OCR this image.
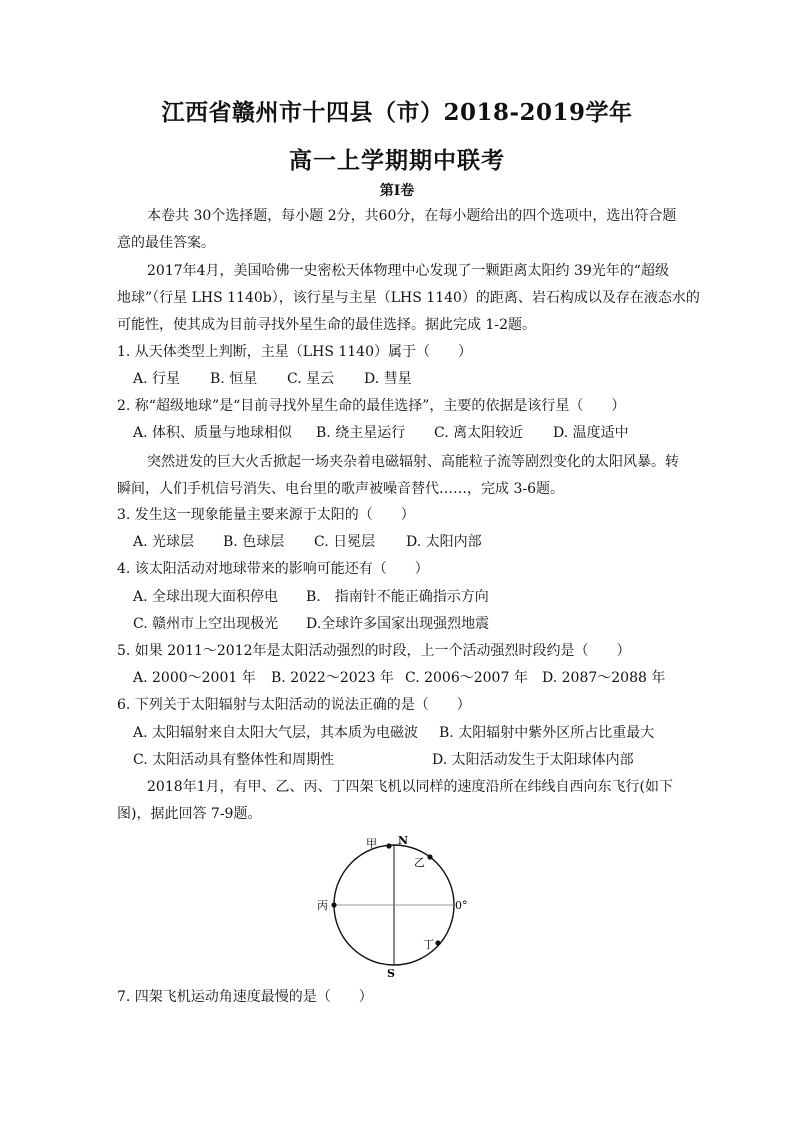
江西省赣州市十四县（市）2018-2019学年
高一上学期期中联考
第Ⅰ卷
本卷共 30个选择题，每小题 2分，共60分，在每小题给出的四个选项中，选出符合题
意的最佳答案。
2017年4月，美国哈佛一史密松天体物理中心发现了一颗距离太阳约 39光年的“超级
地球”（行星 LHS 1140b），该行星与主星（LHS 1140）的距离、岩石构成以及存在液态水的
可能性，使其成为目前寻找外星生命的最佳选择。据此完成 1-2题。
1. 从天体类型上判断，主星（LHS 1140）属于（　　）
A. 行星 B. 恒星 C. 星云 D. 彗星
2. 称“超级地球”是“目前寻找外星生命的最佳选择”，主要的依据是该行星（　　）
A. 体积、质量与地球相似 B. 绕主星运行 C. 离太阳较近 D. 温度适中
突然迸发的巨大火舌掀起一场夹杂着电磁辐射、高能粒子流等剧烈变化的太阳风暴。转
瞬间，人们手机信号消失、电台里的歌声被噪音替代……，完成 3-6题。
3. 发生这一现象能量主要来源于太阳的（　　）
A. 光球层 B. 色球层 C. 日冕层 D. 太阳内部
4. 该太阳活动对地球带来的影响可能还有（　　）
A. 全球出现大面积停电 B.　指南针不能正确指示方向
C. 赣州市上空出现极光 D.全球许多国家出现强烈地震
5. 如果 2011～2012年是太阳活动强烈的时段，上一个活动强烈时段约是（　　）
A. 2000～2001 年 B. 2022～2023 年 C. 2006～2007 年 D. 2087～2088 年
6. 下列关于太阳辐射与太阳活动的说法正确的是（　　）
A. 太阳辐射来自太阳大气层，其本质为电磁波 B. 太阳辐射中紫外区所占比重最大
C. 太阳活动具有整体性和周期性	D. 太阳活动发生于太阳球体内部
2018年1月，有甲、乙、丙、丁四架飞机以同样的速度沿所在纬线自西向东飞行(如下
图)，据此回答 7-9题。
甲 N
乙
丙	0°
丁
S
7. 四架飞机运动角速度最慢的是（　　）
